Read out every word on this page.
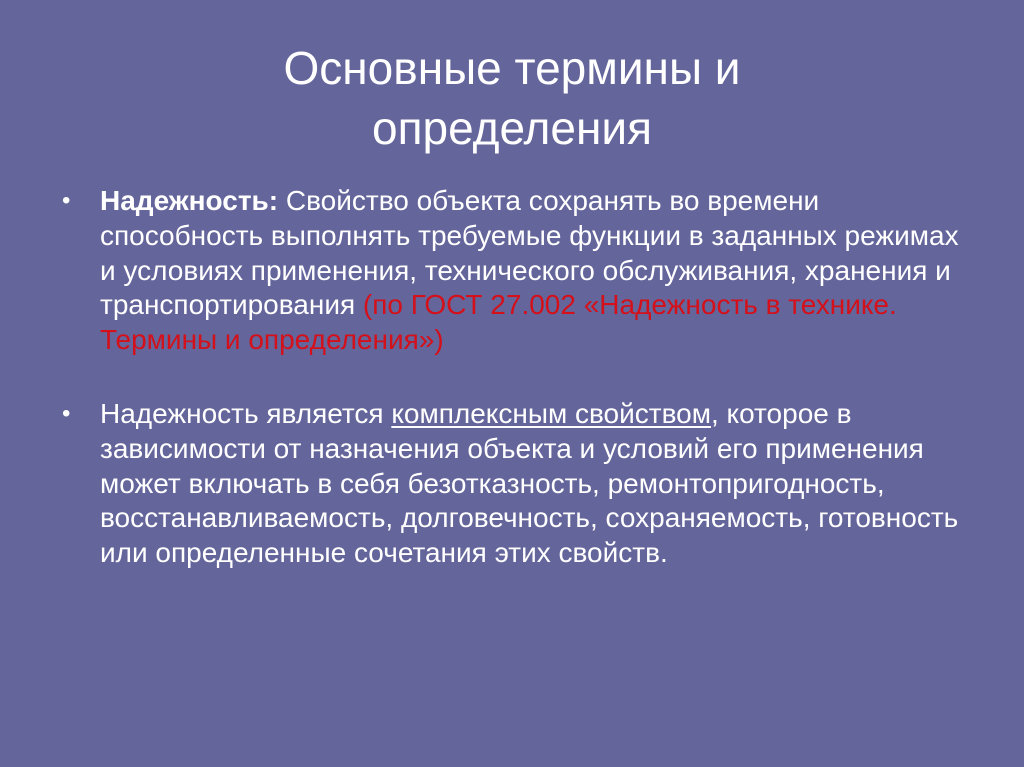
Основные термины и
определения
• Надежность: Свойство объекта сохранять во времени способность выполнять требуемые функции в заданных режимах и условиях применения, технического обслуживания, хранения и транспортирования (по ГОСТ 27.002 «Надежность в технике. Термины и определения»)
• Надежность является комплексным свойством, которое в зависимости от назначения объекта и условий его применения может включать в себя безотказность, ремонтопригодность, восстанавливаемость, долговечность, сохраняемость, готовность или определенные сочетания этих свойств.
